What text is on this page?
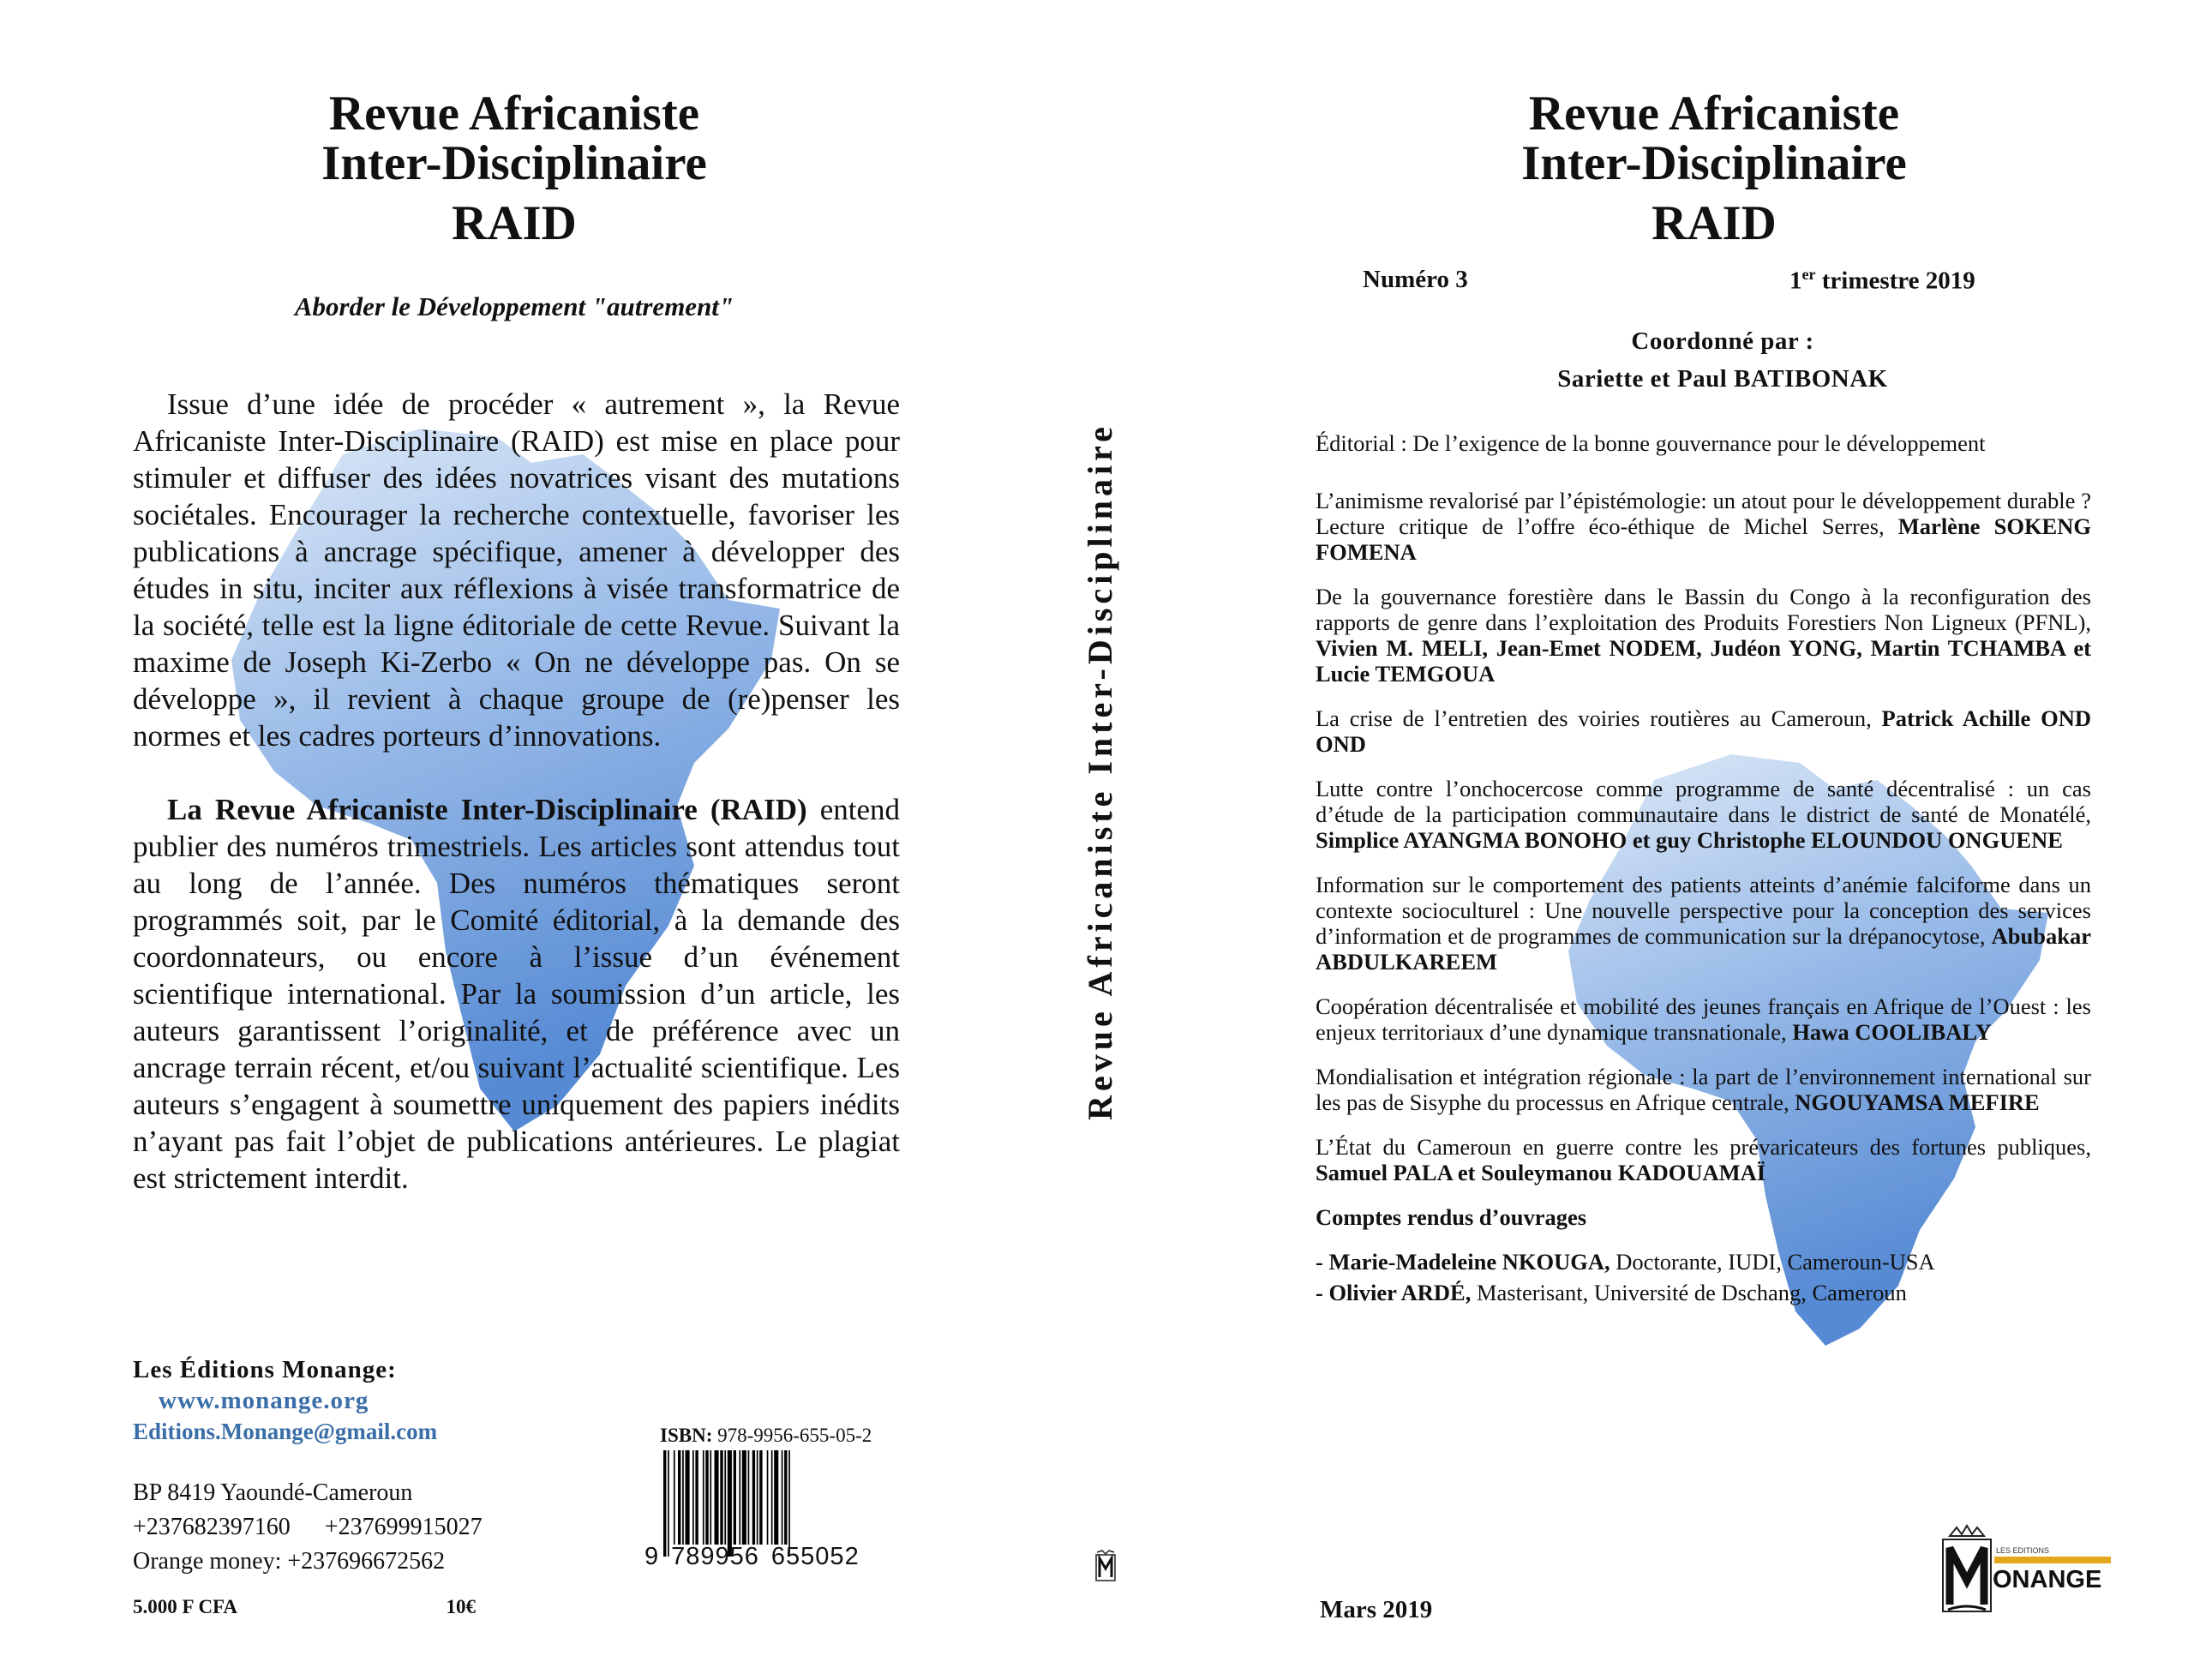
Revue Africaniste
Inter-Disciplinaire
RAID
Aborder le Développement "autrement"

Issue d’une idée de procéder « autrement », la Revue Africaniste Inter-Disciplinaire (RAID) est mise en place pour stimuler et diffuser des idées novatrices visant des mutations sociétales. Encourager la recherche contextuelle, favoriser les publications à ancrage spécifique, amener à développer des études in situ, inciter aux réflexions à visée transformatrice de la société, telle est la ligne éditoriale de cette Revue. Suivant la maxime de Joseph Ki-Zerbo « On ne développe pas. On se développe », il revient à chaque groupe de (re)penser les normes et les cadres porteurs d’innovations.

La Revue Africaniste Inter-Disciplinaire (RAID) entend publier des numéros trimestriels. Les articles sont attendus tout au long de l’année. Des numéros thématiques seront programmés soit, par le Comité éditorial, à la demande des coordonnateurs, ou encore à l’issue d’un événement scientifique international. Par la soumission d’un article, les auteurs garantissent l’originalité, et de préférence avec un ancrage terrain récent, et/ou suivant l’actualité scientifique. Les auteurs s’engagent à soumettre uniquement des papiers inédits n’ayant pas fait l’objet de publications antérieures. Le plagiat est strictement interdit.

Les Éditions Monange:
www.monange.org
Editions.Monange@gmail.com
BP 8419 Yaoundé-Cameroun
+237682397160 +237699915027
Orange money: +237696672562
5.000 F CFA	10€
ISBN: 978-9956-655-05-2
9 789956 655052
Revue Africaniste Inter-Disciplinaire
Revue Africaniste
Inter-Disciplinaire
RAID
Numéro 3	1er trimestre 2019
Coordonné par :
Sariette et Paul BATIBONAK
Éditorial : De l’exigence de la bonne gouvernance pour le développement
L’animisme revalorisé par l’épistémologie: un atout pour le développement durable ? Lecture critique de l’offre éco-éthique de Michel Serres, Marlène SOKENG FOMENA
De la gouvernance forestière dans le Bassin du Congo à la reconfiguration des rapports de genre dans l’exploitation des Produits Forestiers Non Ligneux (PFNL), Vivien M. MELI, Jean-Emet NODEM, Judéon YONG, Martin TCHAMBA et Lucie TEMGOUA
La crise de l’entretien des voiries routières au Cameroun, Patrick Achille OND OND
Lutte contre l’onchocercose comme programme de santé décentralisé : un cas d’étude de la participation communautaire dans le district de santé de Monatélé, Simplice AYANGMA BONOHO et guy Christophe ELOUNDOU ONGUENE
Information sur le comportement des patients atteints d’anémie falciforme dans un contexte socioculturel : Une nouvelle perspective pour la conception des services d’information et de programmes de communication sur la drépanocytose, Abubakar ABDULKAREEM
Coopération décentralisée et mobilité des jeunes français en Afrique de l’Ouest : les enjeux territoriaux d’une dynamique transnationale, Hawa COOLIBALY
Mondialisation et intégration régionale : la part de l’environnement international sur les pas de Sisyphe du processus en Afrique centrale, NGOUYAMSA MEFIRE
L’État du Cameroun en guerre contre les prévaricateurs des fortunes publiques, Samuel PALA et Souleymanou KADOUAMAÏ
Comptes rendus d’ouvrages
- Marie-Madeleine NKOUGA, Doctorante, IUDI, Cameroun-USA
- Olivier ARDÉ, Masterisant, Université de Dschang, Cameroun
Mars 2019
LES EDITIONS
ONANGE
